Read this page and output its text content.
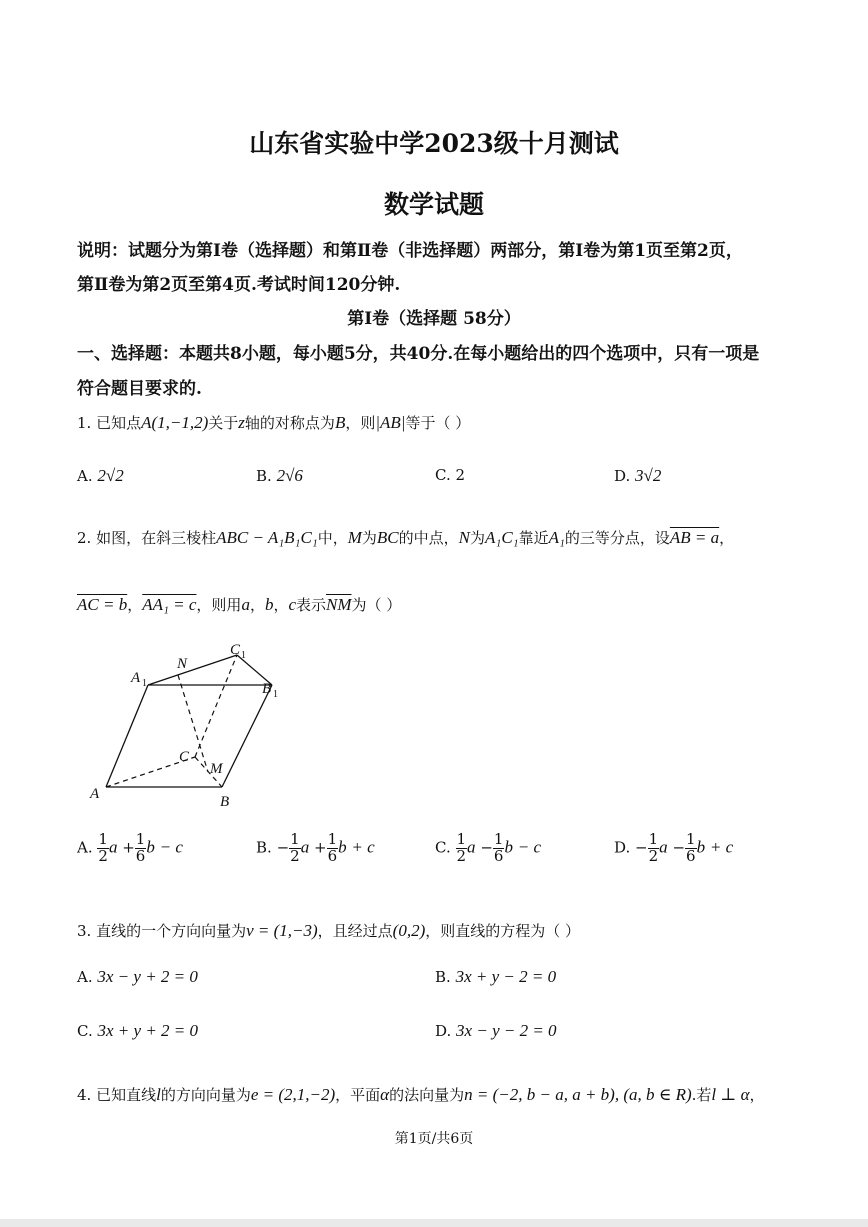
山东省实验中学2023级十月测试
数学试题
说明：试题分为第Ⅰ卷（选择题）和第Ⅱ卷（非选择题）两部分，第Ⅰ卷为第1页至第2页，
第Ⅱ卷为第2页至第4页.考试时间120分钟.
第Ⅰ卷（选择题 58分）
一、选择题：本题共8小题，每小题5分，共40分.在每小题给出的四个选项中，只有一项是
符合题目要求的.
1. 已知点A(1,−1,2)关于z轴的对称点为B，则|AB|等于（ ）
A. 2√2	B. 2√6	C. 2	D. 3√2
2. 如图，在斜三棱柱ABC − A₁B₁C₁中，M为BC的中点，N为A₁C₁靠近A₁的三等分点，设AB = a，
AC = b，AA₁ = c，则用a，b，c表示$\overline{NM}$为（ ）
A	B
C
M
N
A 1	B 1
C 1
A. $\frac{1}{2}$ $a + \frac{1}{6}$ b − c	B. − $\frac{1}{2}$ $a + \frac{1}{6}$ b + c	C. $\frac{1}{2}$ $a - \frac{1}{6}$ b − c	D. − $\frac{1}{2}$ $a - \frac{1}{6}$ b + c
3. 直线的一个方向向量为v = (1,−3)，且经过点(0,2)，则直线的方程为（ ）
A. 3x − y + 2 = 0	B. 3x + y − 2 = 0
C. 3x + y + 2 = 0	D. 3x − y − 2 = 0
4. 已知直线l的方向向量为e = (2,1,−2)，平面α的法向量为n = (−2, b − a, a + b), (a, b ∈ R).若l ⊥ α，
第1页/共6页
